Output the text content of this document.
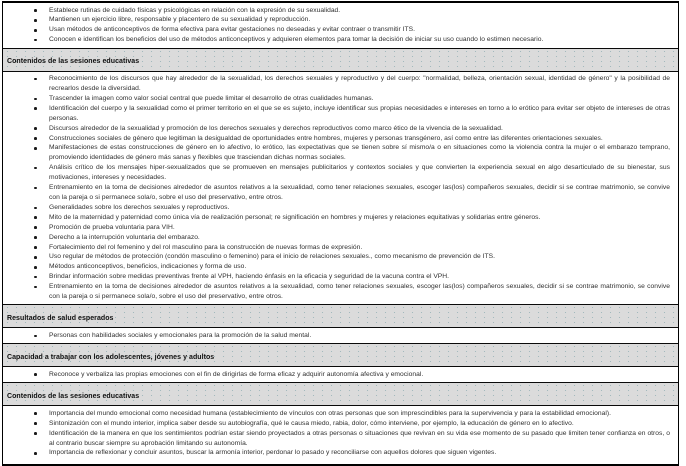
Establece rutinas de cuidado físicas y psicológicas en relación con la expresión de su sexualidad.
Mantienen un ejercicio libre, responsable y placentero de su sexualidad y reproducción.
Usan métodos de anticonceptivos de forma efectiva para evitar gestaciones no deseadas y evitar contraer o transmitir ITS.
Conocen e identifican los beneficios del uso de métodos anticonceptivos y adquieren elementos para tomar la decisión de iniciar su uso cuando lo estimen necesario.
Contenidos de las sesiones educativas
Reconocimiento de los discursos que hay alrededor de la sexualidad, los derechos sexuales y reproductivo y del cuerpo: "normalidad, belleza, orientación sexual, identidad de género" y la posibilidad de recrearlos desde la diversidad.
Trascender la imagen como valor social central que puede limitar el desarrollo de otras cualidades humanas.
Identificación del cuerpo y la sexualidad como el primer territorio en el que se es sujeto, incluye identificar sus propias necesidades e intereses en torno a lo erótico para evitar ser objeto de intereses de otras personas.
Discursos alrededor de la sexualidad y promoción de los derechos sexuales y derechos reproductivos como marco ético de la vivencia de la sexualidad.
Construcciones sociales de género que legitiman la desigualdad de oportunidades entre hombres, mujeres y personas transgénero, así como entre las diferentes orientaciones sexuales.
Manifestaciones de estas construcciones de género en lo afectivo, lo erótico, las expectativas que se tienen sobre sí mismo/a o en situaciones como la violencia contra la mujer o el embarazo temprano, promoviendo identidades de género más sanas y flexibles que trasciendan dichas normas sociales.
Análisis crítico de los mensajes hiper-sexualizados que se promueven en mensajes publicitarios y contextos sociales y que convierten la experiencia sexual en algo desarticulado de su bienestar, sus motivaciones, intereses y necesidades.
Entrenamiento en la toma de decisiones alrededor de asuntos relativos a la sexualidad, como tener relaciones sexuales, escoger las(los) compañeros sexuales, decidir si se contrae matrimonio, se convive con la pareja o si permanece sola/o, sobre el uso del preservativo, entre otros.
Generalidades sobre los derechos sexuales y reproductivos.
Mito de la maternidad y paternidad como única vía de realización personal; re significación en hombres y mujeres y relaciones equitativas y solidarias entre géneros.
Promoción de prueba voluntaria para VIH.
Derecho a la interrupción voluntaria del embarazo.
Fortalecimiento del rol femenino y del rol masculino para la construcción de nuevas formas de expresión.
Uso regular de métodos de protección (condón masculino o femenino) para el inicio de relaciones sexuales., como mecanismo de prevención de ITS.
Métodos anticonceptivos, beneficios, indicaciones y forma de uso.
Brindar información sobre medidas preventivas frente al VPH, haciendo énfasis en la eficacia y seguridad de la vacuna contra el VPH.
Entrenamiento en la toma de decisiones alrededor de asuntos relativos a la sexualidad, como tener relaciones sexuales, escoger las(los) compañeros sexuales, decidir si se contrae matrimonio, se convive con la pareja o si permanece sola/o, sobre el uso del preservativo, entre otros.
Resultados de salud esperados
Personas con habilidades sociales y emocionales para la promoción de la salud mental.
Capacidad a trabajar con los adolescentes, jóvenes y adultos
Reconoce y verbaliza las propias emociones con el fin de dirigirlas de forma eficaz y adquirir autonomía afectiva y emocional.
Contenidos de las sesiones educativas
Importancia del mundo emocional como necesidad humana (establecimiento de vínculos con otras personas que son imprescindibles para la supervivencia y para la estabilidad emocional).
Sintonización con el mundo interior, implica saber desde su autobiografía, qué le causa miedo, rabia, dolor, cómo interviene, por ejemplo, la educación de género en lo afectivo.
Identificación de la manera en que los sentimientos podrían estar siendo proyectados a otras personas o situaciones que revivan en su vida ese momento de su pasado que limiten tener confianza en otros, o al contrario buscar siempre su aprobación limitando su autonomía.
Importancia de reflexionar y concluir asuntos, buscar la armonía interior, perdonar lo pasado y reconciliarse con aquellos dolores que siguen vigentes.
